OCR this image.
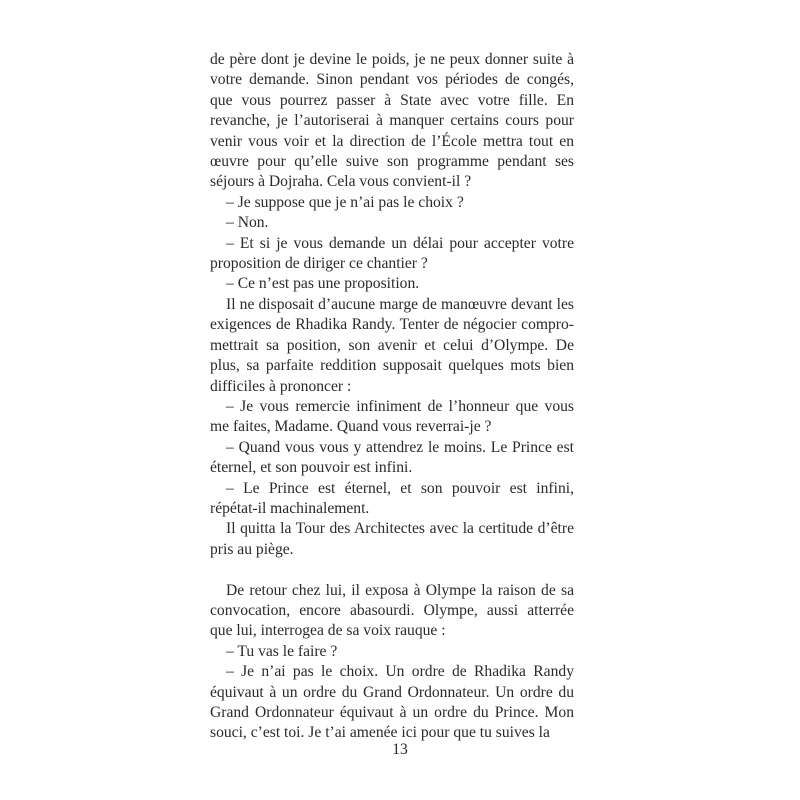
de père dont je devine le poids, je ne peux donner suite à votre demande. Sinon pendant vos périodes de congés, que vous pourrez passer à State avec votre fille. En revanche, je l’autoriserai à manquer certains cours pour venir vous voir et la direction de l’École mettra tout en œuvre pour qu’elle suive son programme pendant ses séjours à Dojraha. Cela vous convient-il ?

– Je suppose que je n’ai pas le choix ?

– Non.

– Et si je vous demande un délai pour accepter votre proposition de diriger ce chantier ?

– Ce n’est pas une proposition.

Il ne disposait d’aucune marge de manœuvre devant les exigences de Rhadika Randy. Tenter de négocier compromettrait sa position, son avenir et celui d’Olympe. De plus, sa parfaite reddition supposait quelques mots bien difficiles à prononcer :

– Je vous remercie infiniment de l’honneur que vous me faites, Madame. Quand vous reverrai-je ?

– Quand vous vous y attendrez le moins. Le Prince est éternel, et son pouvoir est infini.

– Le Prince est éternel, et son pouvoir est infini, répétat-il machinalement.

Il quitta la Tour des Architectes avec la certitude d’être pris au piège.

De retour chez lui, il exposa à Olympe la raison de sa convocation, encore abasourdi. Olympe, aussi atterrée que lui, interrogea de sa voix rauque :

– Tu vas le faire ?

– Je n’ai pas le choix. Un ordre de Rhadika Randy équivaut à un ordre du Grand Ordonnateur. Un ordre du Grand Ordonnateur équivaut à un ordre du Prince. Mon souci, c’est toi. Je t’ai amenée ici pour que tu suives la

13
